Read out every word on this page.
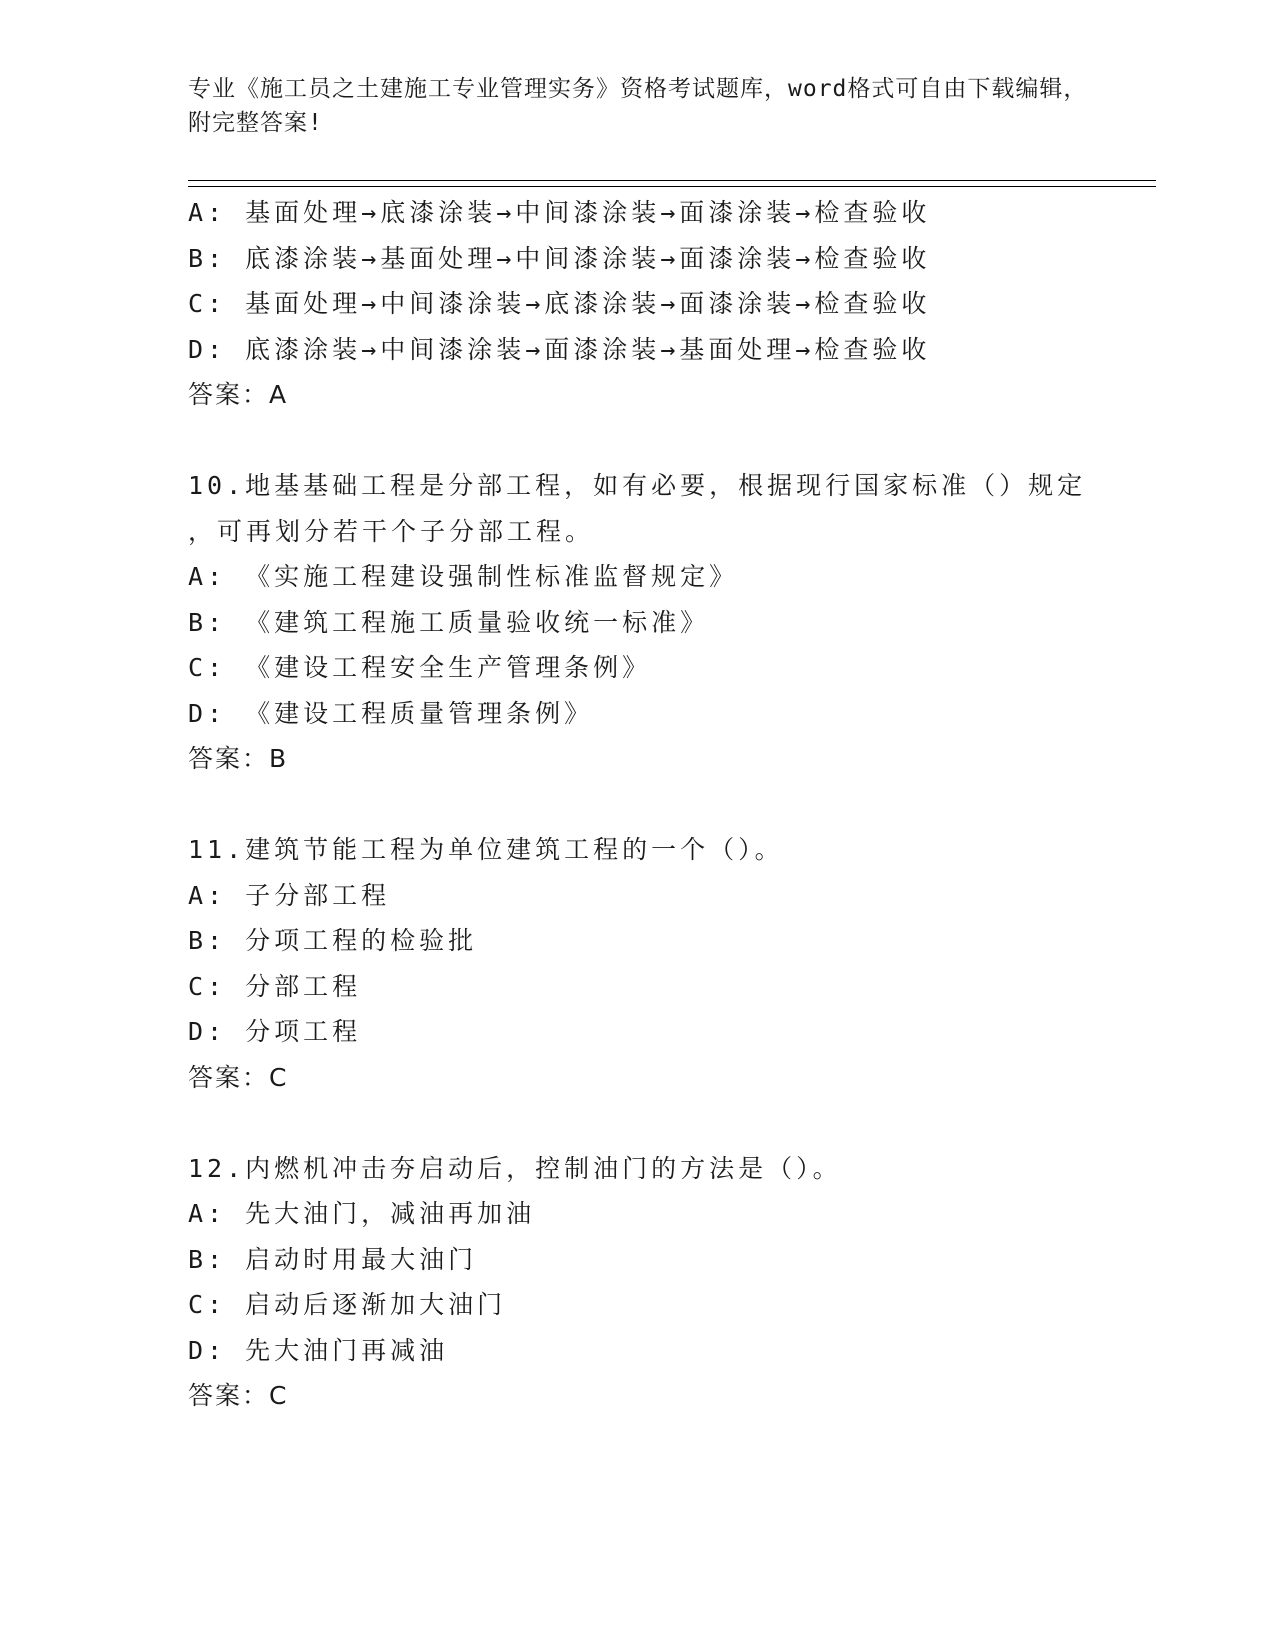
专业《施工员之土建施工专业管理实务》资格考试题库，word格式可自由下载编辑，附完整答案!
A: 基面处理→底漆涂装→中间漆涂装→面漆涂装→检查验收
B: 底漆涂装→基面处理→中间漆涂装→面漆涂装→检查验收
C: 基面处理→中间漆涂装→底漆涂装→面漆涂装→检查验收
D: 底漆涂装→中间漆涂装→面漆涂装→基面处理→检查验收
答案：A
10.地基基础工程是分部工程，如有必要，根据现行国家标准（）规定
，可再划分若干个子分部工程。
A: 《实施工程建设强制性标准监督规定》
B: 《建筑工程施工质量验收统一标准》
C: 《建设工程安全生产管理条例》
D: 《建设工程质量管理条例》
答案：B
11.建筑节能工程为单位建筑工程的一个（）。
A: 子分部工程
B: 分项工程的检验批
C: 分部工程
D: 分项工程
答案：C
12.内燃机冲击夯启动后，控制油门的方法是（）。
A: 先大油门，减油再加油
B: 启动时用最大油门
C: 启动后逐渐加大油门
D: 先大油门再减油
答案：C
